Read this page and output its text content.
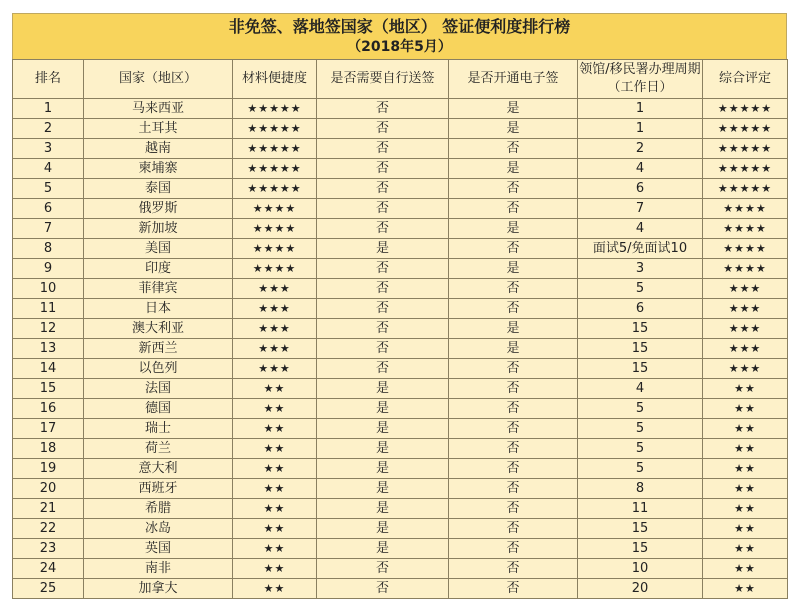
非免签、落地签国家（地区） 签证便利度排行榜
（2018年5月）
排名	国家（地区）	材料便捷度	是否需要自行送签	是否开通电子签	领馆/移民署办理周期（工作日）	综合评定
1	马来西亚	★★★★★	否	是	1	★★★★★
2	土耳其	★★★★★	否	是	1	★★★★★
3	越南	★★★★★	否	否	2	★★★★★
4	柬埔寨	★★★★★	否	是	4	★★★★★
5	泰国	★★★★★	否	否	6	★★★★★
6	俄罗斯	★★★★	否	否	7	★★★★
7	新加坡	★★★★	否	是	4	★★★★
8	美国	★★★★	是	否	面试5/免面试10	★★★★
9	印度	★★★★	否	是	3	★★★★
10	菲律宾	★★★	否	否	5	★★★
11	日本	★★★	否	否	6	★★★
12	澳大利亚	★★★	否	是	15	★★★
13	新西兰	★★★	否	是	15	★★★
14	以色列	★★★	否	否	15	★★★
15	法国	★★	是	否	4	★★
16	德国	★★	是	否	5	★★
17	瑞士	★★	是	否	5	★★
18	荷兰	★★	是	否	5	★★
19	意大利	★★	是	否	5	★★
20	西班牙	★★	是	否	8	★★
21	希腊	★★	是	否	11	★★
22	冰岛	★★	是	否	15	★★
23	英国	★★	是	否	15	★★
24	南非	★★	否	否	10	★★
25	加拿大	★★	否	否	20	★★
